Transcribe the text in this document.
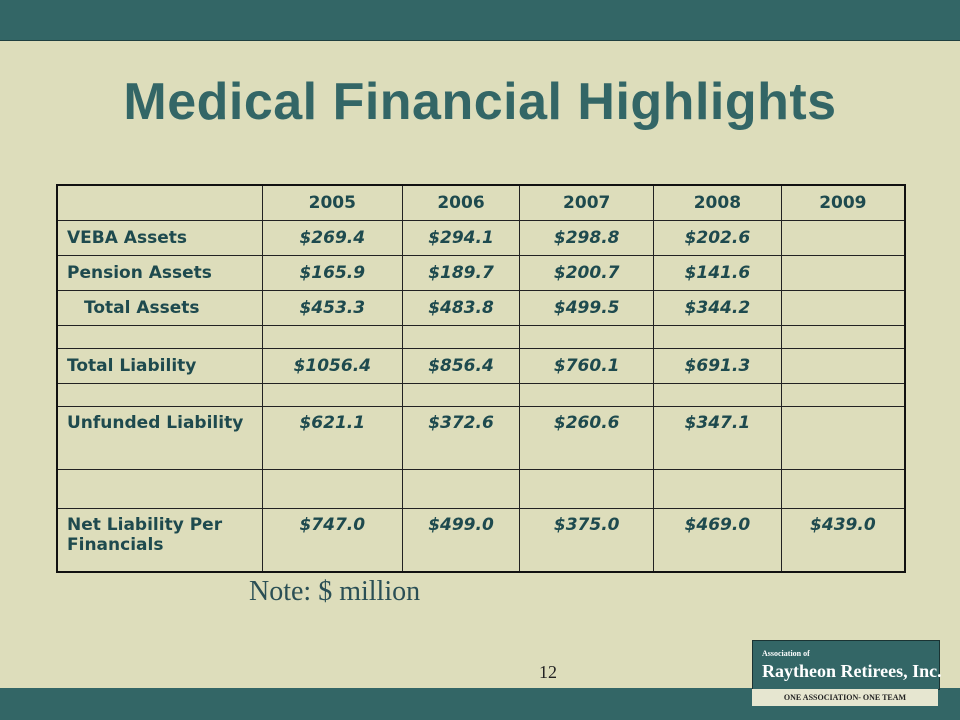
Medical Financial Highlights
	2005	2006	2007	2008	2009
VEBA Assets	$269.4	$294.1	$298.8	$202.6	
Pension Assets	$165.9	$189.7	$200.7	$141.6	
Total Assets	$453.3	$483.8	$499.5	$344.2	

Total Liability	$1056.4	$856.4	$760.1	$691.3	

Unfunded Liability	$621.1	$372.6	$260.6	$347.1	

Net Liability Per Financials	$747.0	$499.0	$375.0	$469.0	$439.0
Note: $ million
12
Association of
Raytheon Retirees, Inc.
ONE ASSOCIATION- ONE TEAM
